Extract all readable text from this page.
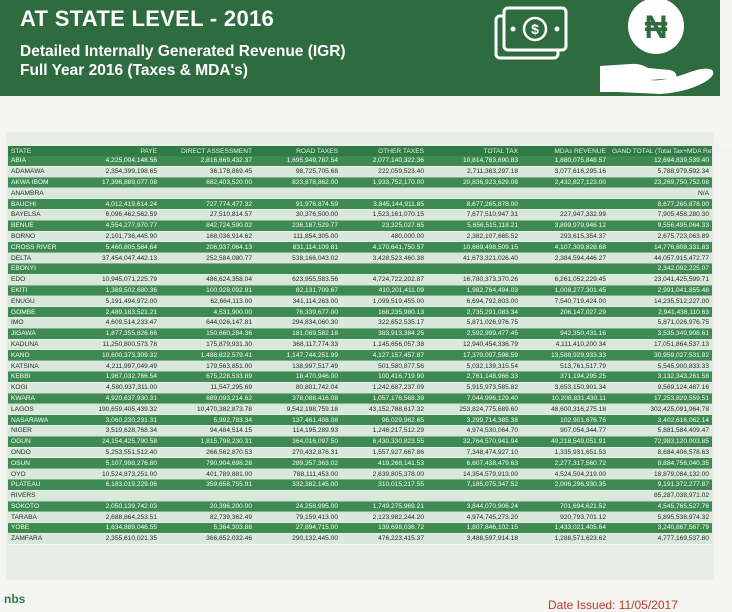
AT STATE LEVEL - 2016
Detailed Internally Generated Revenue (IGR)
Full Year 2016 (Taxes & MDA's)
$	₦
STATE	PAYE	DIRECT ASSESSMENT	ROAD TAXES	OTHER TAXES	TOTAL TAX	MDAs REVENUE	GAND TOTAL (Total Tax+MDA Revenue)
ABIA	4,225,004,148.56	2,816,669,432.37	1,695,949,787.54	2,077,140,322.36	10,814,763,690.83	1,880,075,848.57	12,694,839,539.40
ADAMAWA	2,354,399,198.65	36,178,869.45	98,725,705.68	222,059,523.40	2,711,363,297.18	3,077,616,295.16	5,788,979,592.34
AKWA IBOM	17,396,889,077.08	682,403,520.00	823,878,862.00	1,933,752,170.00	20,836,923,629.08	2,432,827,123.00	23,269,750,752.08
ANAMBRA							N/A
BAUCHI	4,012,419,614.24	727,774,477.32	91,976,874.59	3,845,144,911.85	8,677,265,878.00		8,677,265,878.00
BAYELSA	6,096,462,562.59	27,510,814.57	30,376,500.00	1,523,161,070.15	7,677,510,947.31	227,947,332.99	7,905,458,280.30
BENUE	4,554,277,970.77	842,724,590.02	236,187,529.77	23,325,027.65	5,656,515,118.21	3,899,979,946.12	9,556,495,064.33
BORNO	2,101,736,445.90	168,036,914.62	111,854,305.00	480,000.00	2,382,107,665.52	293,615,354.37	2,675,723,063.89
CROSS RIVER	5,460,805,584.64	206,937,064.13	831,114,109.81	4,170,641,750.57	10,669,498,509.15	4,107,309,828.68	14,776,808,331.83
DELTA	37,454,047,442.13	252,584,080.77	538,166,043.02	3,428,523,460.38	41,673,321,026.40	2,384,594,446.27	44,057,915,472.77
EBONYI							2,342,092,225.07
EDO	10,945,071,225.79	486,624,358.04	623,955,583.56	4,724,722,202.87	16,780,373,370.26	6,261,052,229.45	23,041,425,599.71
EKITI	1,389,502,680.36	100,928,092.91	82,131,709.67	410,201,411.09	1,982,764,494.03	1,008,277,301.45	2,991,041,855.48
ENUGU	5,191,494,972.00	62,664,113.00	341,114,263.00	1,099,519,455.00	6,694,792,803.00	7,540,719,424.00	14,235,512,227.00
GOMBE	2,489,183,521.21	4,531,900.00	76,339,677.00	168,235,980.13	2,735,291,083.34	206,147,027.29	2,941,438,110.63
IMO	4,609,514,233.47	644,026,147.81	294,834,060.30	322,652,535.17	5,871,026,976.75		5,871,026,976.75
JIGAWA	1,877,355,826.66	150,660,284.36	181,069,582.18	383,913,384.25	2,592,999,477.45	942,350,431.16	3,535,349,908.61
KADUNA	11,250,800,573.78	175,879,931.30	368,117,774.33	1,145,656,057.38	12,940,454,336.79	4,111,410,200.34	17,051,864,537.13
KANO	10,600,373,309.32	1,488,822,579.41	1,147,744,251.99	4,127,157,457.87	17,370,097,598.59	13,588,929,933.33	30,959,027,531.92
KATSINA	4,211,997,049.49	179,563,851.00	138,997,517.49	501,580,877.56	5,032,139,315.54	513,761,517.79	5,545,900,833.33
KEBBI	1,967,032,766.54	675,228,533.89	18,470,946.00	100,416,719.90	2,761,148,966.33	371,194,295.25	3,132,343,261.58
KOGI	4,580,937,311.00	11,547,295.69	80,801,742.04	1,242,687,237.09	5,915,973,585.82	3,653,150,901.34	9,569,124,487.16
KWARA	4,920,637,930.31	689,093,214.62	378,088,416.08	1,057,176,568.39	7,044,996,129.40	10,208,831,430.11	17,253,829,559.51
LAGOS	190,659,405,439.32	10,470,382,873.78	9,542,198,759.18	43,152,788,617.32	253,824,775,689.60	48,600,316,275.18	302,425,091,964.78
NASARAWA	3,060,230,231.31	5,992,783.34	137,461,408.08	96,029,962.65	3,299,714,385.38	102,901,676.76	3,402,616,062.14
NIGER	3,519,628,768.34	94,484,514.15	114,195,289.93	1,246,217,512.29	4,974,530,064.70	907,054,344.77	5,881,584,409.47
OGUN	24,154,425,790.58	1,815,798,230.31	364,016,097.50	6,430,330,823.55	32,764,570,941.94	40,218,549,051.91	72,983,120,003.85
ONDO	5,253,551,512.40	266,562,870.53	270,432,876.31	1,557,927,667.86	7,348,474,927.10	1,335,931,651.53	8,684,406,578.63
OSUN	5,107,998,276.80	790,904,698.28	289,357,363.02	419,268,141.53	6,607,438,479.63	2,277,317,560.72	8,884,756,040.35
OYO	10,524,873,251.00	401,789,881.00	788,111,453.00	2,639,805,378.00	14,354,579,913.00	4,524,504,219.00	18,879,084,132.00
PLATEAU	6,183,019,229.06	359,658,755.91	332,382,145.00	310,015,217.55	7,185,075,347.52	2,006,296,930.35	9,191,372,277.87
RIVERS							85,287,038,971.02
SOKOTO	2,050,139,742.03	20,396,200.00	24,258,995.00	1,749,275,969.21	3,844,070,906.24	701,694,621.52	4,545,765,527.76
TARABA	2,688,864,253.51	82,739,362.49	79,159,413.00	2,123,982,244.20	4,974,745,273.20	920,793,701.12	5,895,538,974.32
YOBE	1,634,889,046.55	5,364,303.88	27,894,715.00	139,698,036.72	1,807,846,102.15	1,433,021,405.64	3,240,867,567.79
ZAMFARA	2,355,610,021.35	366,652,032.46	290,132,445.00	476,223,415.37	3,488,597,914.18	1,288,571,623.62	4,777,169,537.80
nbs	Date Issued: 11/05/2017
